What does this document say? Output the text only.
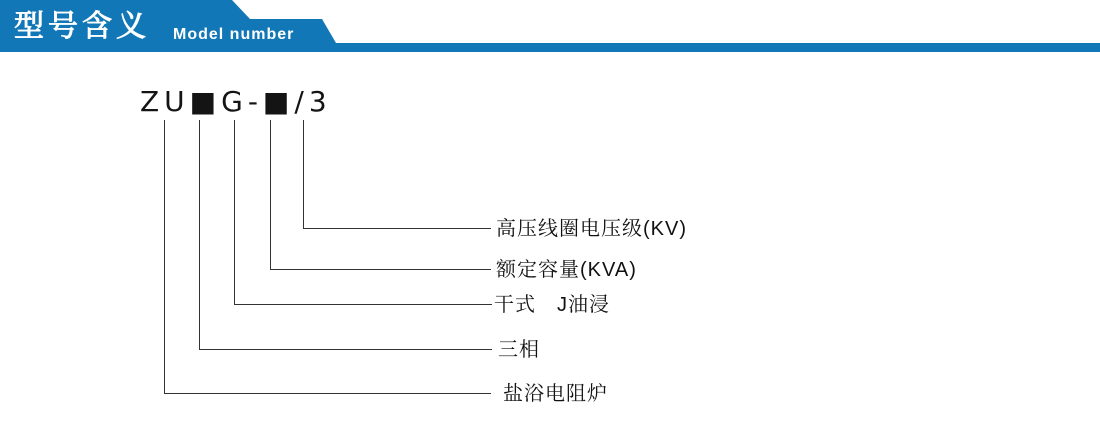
型号含义 Model number
ZU■G-■/3
高压线圈电压级(KV)
额定容量(KVA)
干式　J油浸
三相
盐浴电阻炉
